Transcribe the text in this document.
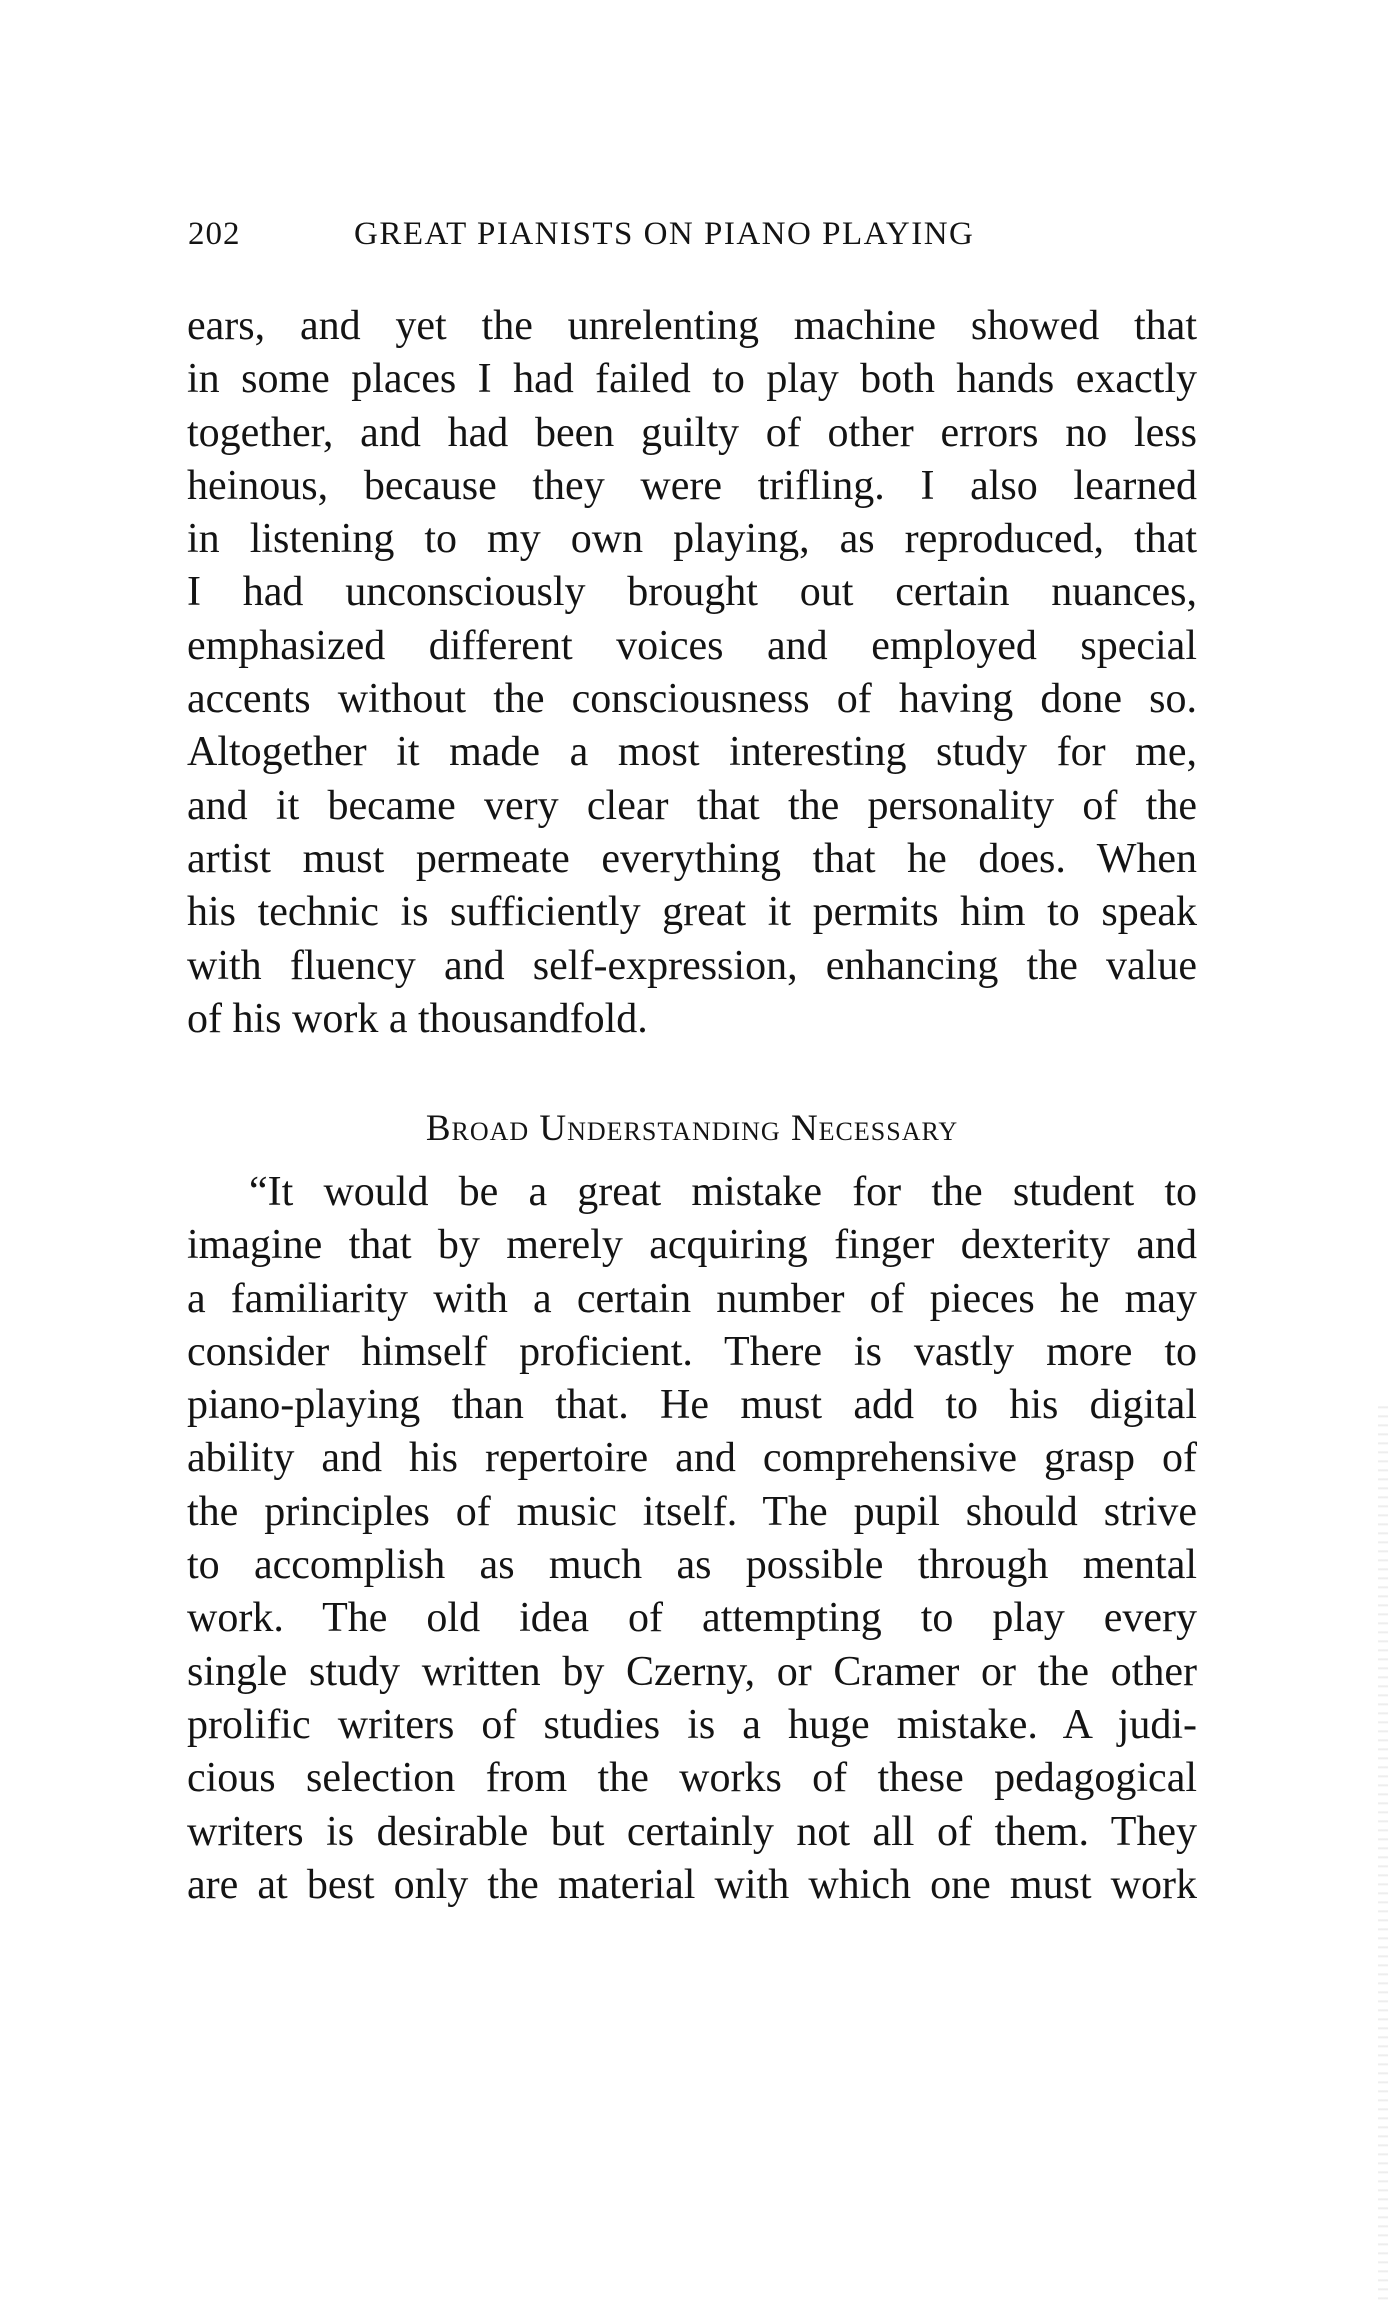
202	GREAT PIANISTS ON PIANO PLAYING
ears, and yet the unrelenting machine showed that
in some places I had failed to play both hands exactly
together, and had been guilty of other errors no less
heinous, because they were trifling. I also learned
in listening to my own playing, as reproduced, that
I had unconsciously brought out certain nuances,
emphasized different voices and employed special
accents without the consciousness of having done so.
Altogether it made a most interesting study for me,
and it became very clear that the personality of the
artist must permeate everything that he does. When
his technic is sufficiently great it permits him to speak
with fluency and self-expression, enhancing the value
of his work a thousandfold.
Broad Understanding Necessary
“It would be a great mistake for the student to
imagine that by merely acquiring finger dexterity and
a familiarity with a certain number of pieces he may
consider himself proficient. There is vastly more to
piano-playing than that. He must add to his digital
ability and his repertoire and comprehensive grasp of
the principles of music itself. The pupil should strive
to accomplish as much as possible through mental
work. The old idea of attempting to play every
single study written by Czerny, or Cramer or the other
prolific writers of studies is a huge mistake. A judi-
cious selection from the works of these pedagogical
writers is desirable but certainly not all of them. They
are at best only the material with which one must work
